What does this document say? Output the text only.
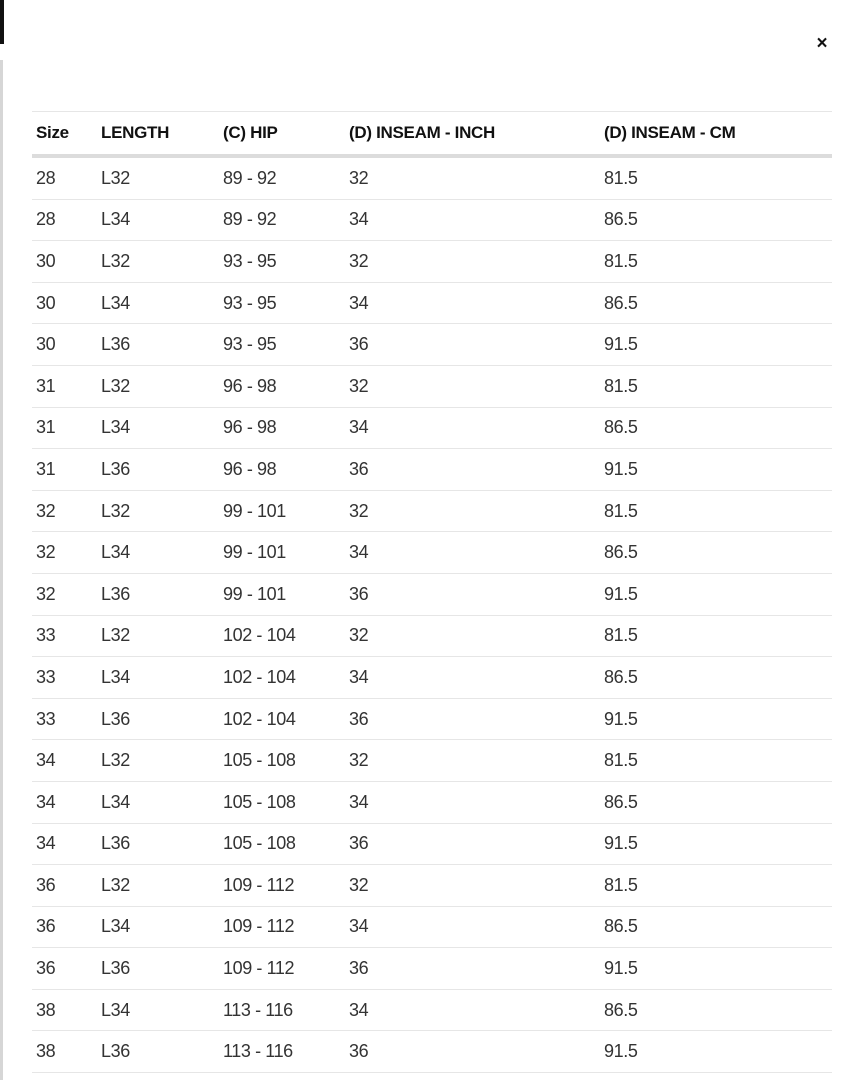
×
Size	LENGTH	(C) HIP	(D) INSEAM - INCH	(D) INSEAM - CM
28	L32	89 - 92	32	81.5
28	L34	89 - 92	34	86.5
30	L32	93 - 95	32	81.5
30	L34	93 - 95	34	86.5
30	L36	93 - 95	36	91.5
31	L32	96 - 98	32	81.5
31	L34	96 - 98	34	86.5
31	L36	96 - 98	36	91.5
32	L32	99 - 101	32	81.5
32	L34	99 - 101	34	86.5
32	L36	99 - 101	36	91.5
33	L32	102 - 104	32	81.5
33	L34	102 - 104	34	86.5
33	L36	102 - 104	36	91.5
34	L32	105 - 108	32	81.5
34	L34	105 - 108	34	86.5
34	L36	105 - 108	36	91.5
36	L32	109 - 112	32	81.5
36	L34	109 - 112	34	86.5
36	L36	109 - 112	36	91.5
38	L34	113 - 116	34	86.5
38	L36	113 - 116	36	91.5
